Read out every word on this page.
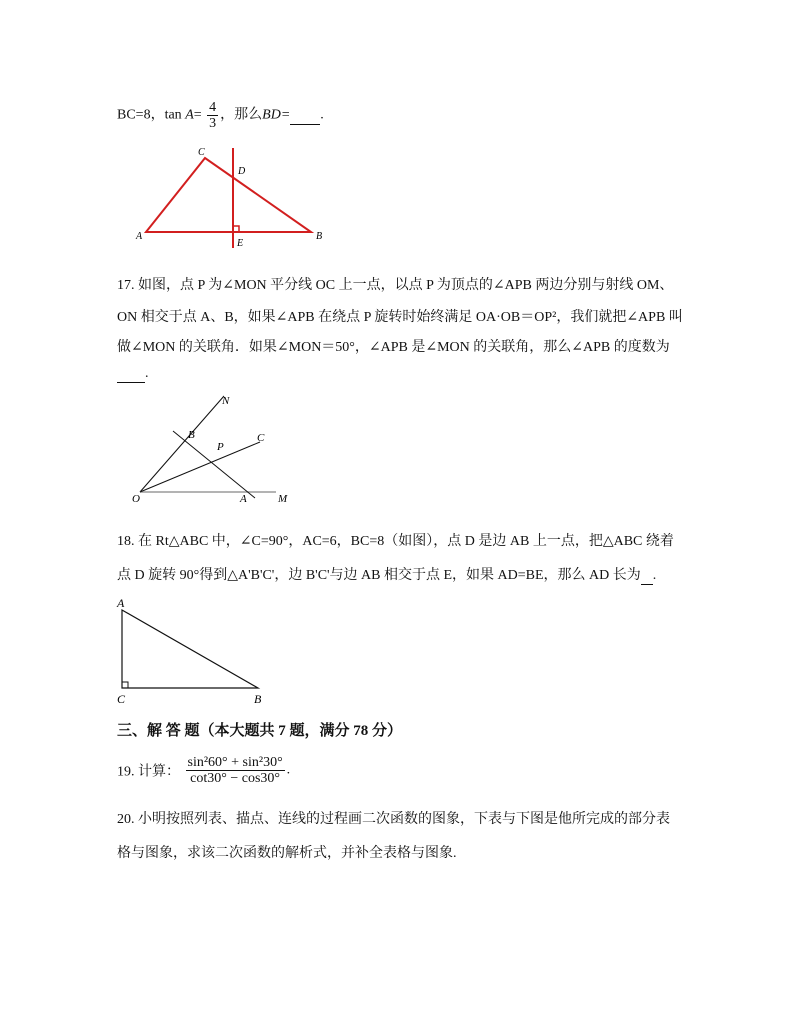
BC=8，$\tan A= \frac{4}{3}$ ，那么BD= .
A	B
C
D
E
17. 如图，点 P 为∠MON 平分线 OC 上一点，以点 P 为顶点的∠APB 两边分别与射线 OM、
ON 相交于点 A、B，如果∠APB 在绕点 P 旋转时始终满足 OA·OB＝OP²，我们就把∠APB 叫
做∠MON 的关联角．如果∠MON＝50°，∠APB 是∠MON 的关联角，那么∠APB 的度数为
.
N
B
P
C
O	A	M
18. 在 Rt△ABC 中，∠C=90°，AC=6，BC=8（如图），点 D 是边 AB 上一点，把△ABC 绕着
点 D 旋转 90°得到△A'B'C'，边 B'C'与边 AB 相交于点 E，如果 AD=BE，那么 AD 长为 .
A
C	B
三、解 答 题（本大题共 7 题，满分 78 分）
19. 计算： $\frac{\text{sin²60° + sin²30°}}{\cot 30^\circ - \cos 30^\circ}$ .
20. 小明按照列表、描点、连线的过程画二次函数的图象，下表与下图是他所完成的部分表
格与图象，求该二次函数的解析式，并补全表格与图象.
